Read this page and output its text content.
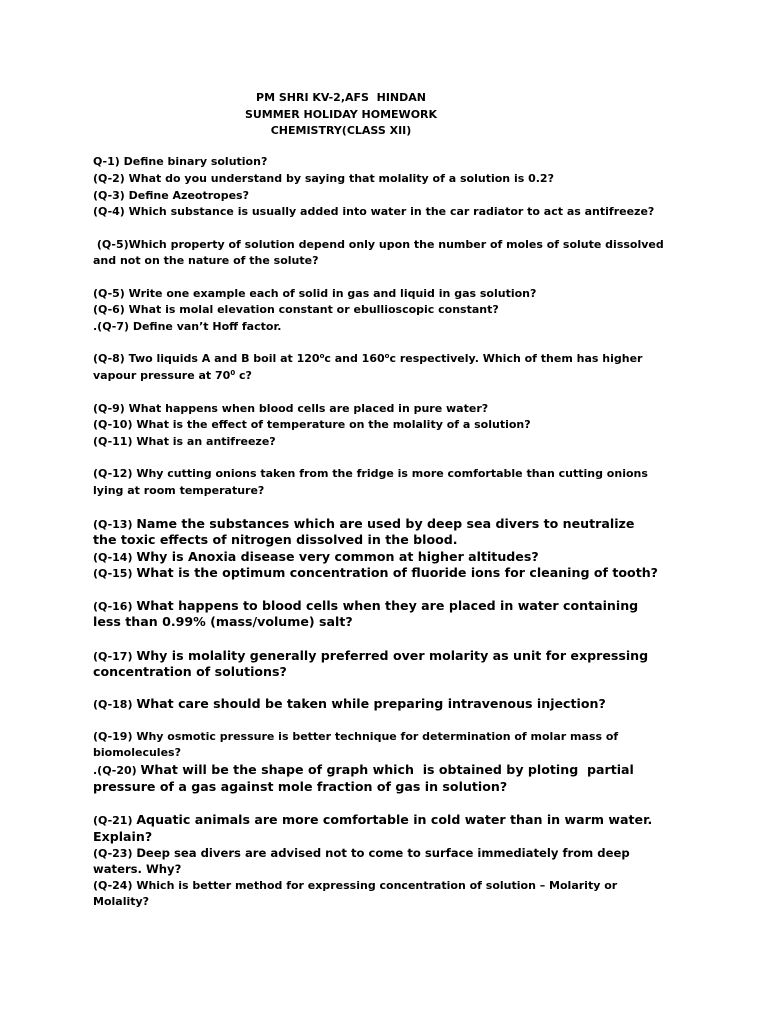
PM SHRI KV-2,AFS  HINDAN
SUMMER HOLIDAY HOMEWORK
CHEMISTRY(CLASS XII)
Q-1) Define binary solution?
(Q-2) What do you understand by saying that molality of a solution is 0.2?
(Q-3) Define Azeotropes?
(Q-4) Which substance is usually added into water in the car radiator to act as antifreeze?
(Q-5)Which property of solution depend only upon the number of moles of solute dissolved
and not on the nature of the solute?
(Q-5) Write one example each of solid in gas and liquid in gas solution?
(Q-6) What is molal elevation constant or ebullioscopic constant?
.(Q-7) Define van’t Hoff factor.
(Q-8) Two liquids A and B boil at 120$^o$c and 160$^o$c respectively. Which of them has higher
vapour pressure at $70^0$ c?
(Q-9) What happens when blood cells are placed in pure water?
(Q-10) What is the effect of temperature on the molality of a solution?
(Q-11) What is an antifreeze?
(Q-12) Why cutting onions taken from the fridge is more comfortable than cutting onions
lying at room temperature?
(Q-13) Name the substances which are used by deep sea divers to neutralize
the toxic effects of nitrogen dissolved in the blood.
(Q-14) Why is Anoxia disease very common at higher altitudes?
(Q-15) What is the optimum concentration of fluoride ions for cleaning of tooth?
(Q-16) What happens to blood cells when they are placed in water containing
less than 0.99% (mass/volume) salt?
(Q-17) Why is molality generally preferred over molarity as unit for expressing
concentration of solutions?
(Q-18) What care should be taken while preparing intravenous injection?
(Q-19) Why osmotic pressure is better technique for determination of molar mass of
biomolecules?
.(Q-20) What will be the shape of graph which  is obtained by ploting  partial
pressure of a gas against mole fraction of gas in solution?
(Q-21) Aquatic animals are more comfortable in cold water than in warm water.
Explain?
(Q-23) Deep sea divers are advised not to come to surface immediately from deep
waters. Why?
(Q-24) Which is better method for expressing concentration of solution – Molarity or
Molality?
